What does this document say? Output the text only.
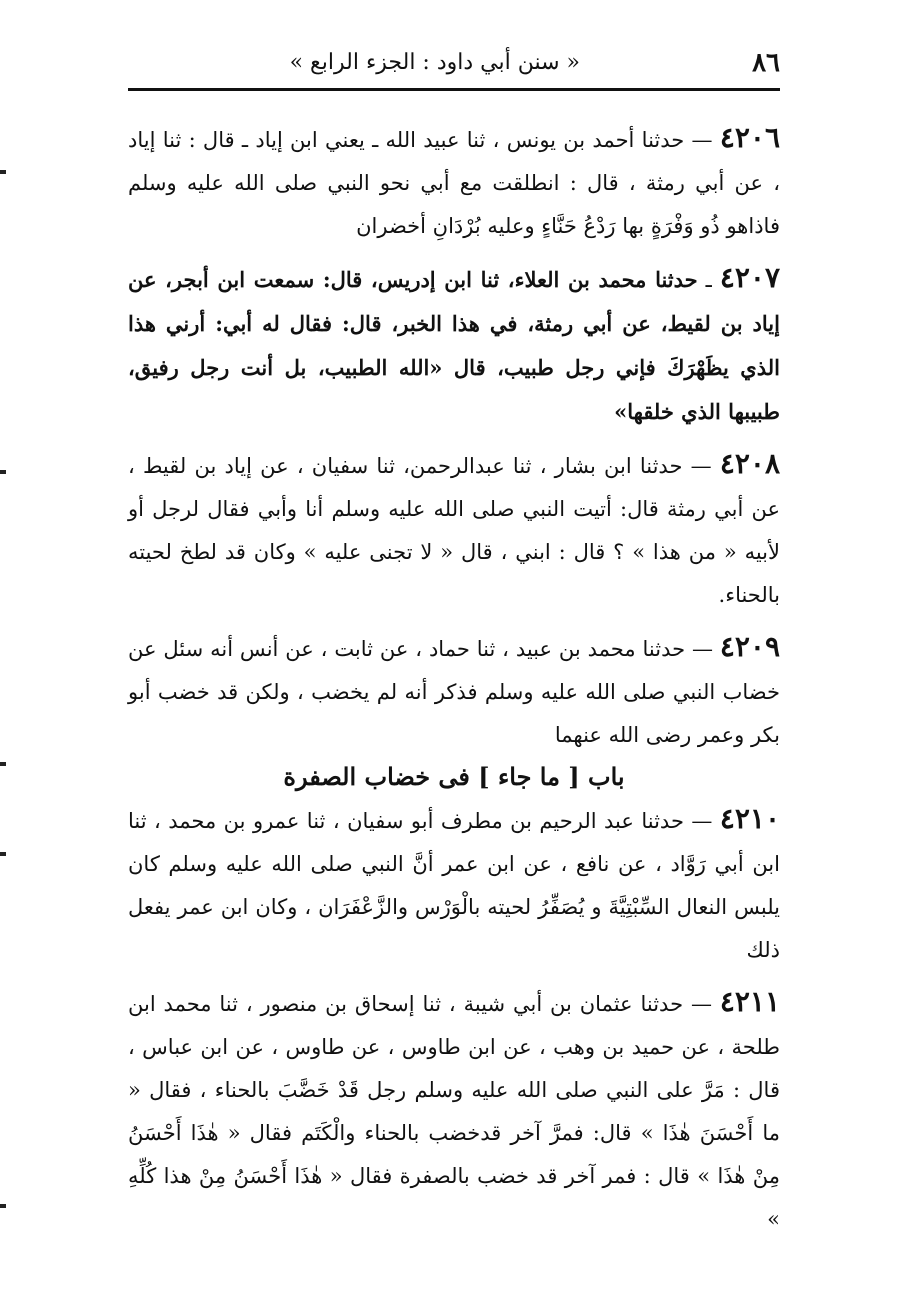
٨٦
« سنن أبي داود : الجزء الرابع »

٤٢٠٦ — حدثنا أحمد بن يونس ، ثنا عبيد الله ـ يعني ابن إياد ـ قال : ثنا إياد ، عن أبي رمثة ، قال : انطلقت مع أبي نحو النبي صلى الله عليه وسلم فاذاهو ذُو وَفْرَةٍ بها رَدْعُ حَنَّاءٍ وعليه بُرْدَانِ أخضران

٤٢٠٧ ـ حدثنا محمد بن العلاء، ثنا ابن إدريس، قال: سمعت ابن أبجر، عن إياد بن لقيط، عن أبي رمثة، في هذا الخبر، قال: فقال له أبي: أرني هذا الذي يظَهْرَكَ فإني رجل طبيب، قال «الله الطبيب، بل أنت رجل رفيق، طبيبها الذي خلقها»

٤٢٠٨ — حدثنا ابن بشار ، ثنا عبدالرحمن، ثنا سفيان ، عن إياد بن لقيط ، عن أبي رمثة قال: أتيت النبي صلى الله عليه وسلم أنا وأبي فقال لرجل أو لأبيه « من هذا » ؟ قال : ابني ، قال « لا تجنى عليه » وكان قد لطخ لحيته بالحناء.

٤٢٠٩ — حدثنا محمد بن عبيد ، ثنا حماد ، عن ثابت ، عن أنس أنه سئل عن خضاب النبي صلى الله عليه وسلم فذكر أنه لم يخضب ، ولكن قد خضب أبو بكر وعمر رضى الله عنهما

باب [ ما جاء ] فى خضاب الصفرة

٤٢١٠ — حدثنا عبد الرحيم بن مطرف أبو سفيان ، ثنا عمرو بن محمد ، ثنا ابن أبي رَوَّاد ، عن نافع ، عن ابن عمر أنَّ النبي صلى الله عليه وسلم كان يلبس النعال السِّبْتِيَّةَ و يُصَفِّرُ لحيته بالْوَرْس والزَّعْفَرَان ، وكان ابن عمر يفعل ذلك

٤٢١١ — حدثنا عثمان بن أبي شيبة ، ثنا إسحاق بن منصور ، ثنا محمد ابن طلحة ، عن حميد بن وهب ، عن ابن طاوس ، عن طاوس ، عن ابن عباس ، قال : مَرَّ على النبي صلى الله عليه وسلم رجل قَدْ خَضَّبَ بالحناء ، فقال « ما أَحْسَنَ هٰذَا » قال: فمرَّ آخر قدخضب بالحناء والْكَتَم فقال « هٰذَا أَحْسَنُ مِنْ هٰذَا » قال : فمر آخر قد خضب بالصفرة فقال « هٰذَا أَحْسَنُ مِنْ هذا كُلِّهِ »
